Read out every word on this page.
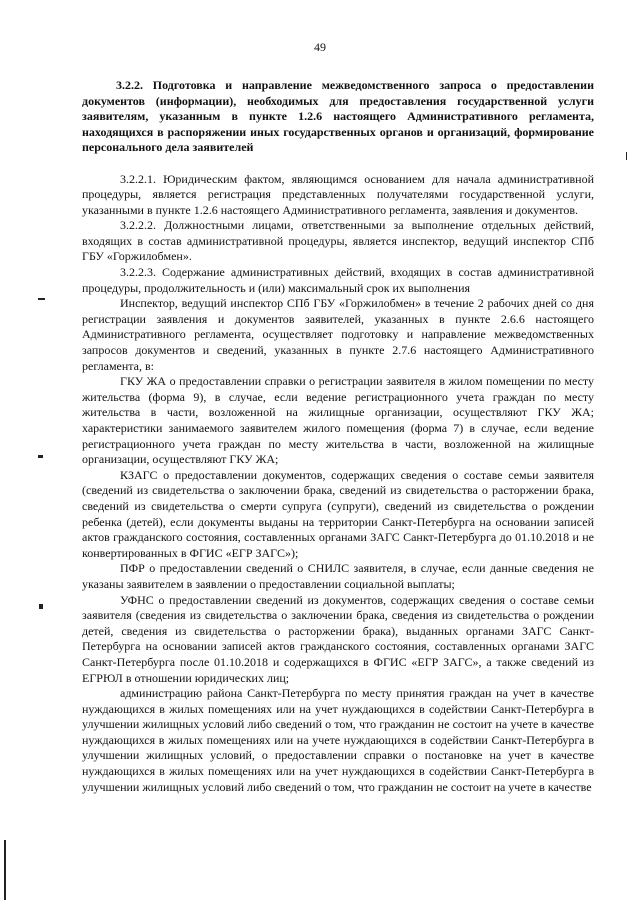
49
3.2.2. Подготовка и направление межведомственного запроса о предоставлении документов (информации), необходимых для предоставления государственной услуги заявителям, указанным в пункте 1.2.6 настоящего Административного регламента, находящихся в распоряжении иных государственных органов и организаций, формирование персонального дела заявителей

3.2.2.1. Юридическим фактом, являющимся основанием для начала административной процедуры, является регистрация представленных получателями государственной услуги, указанными в пункте 1.2.6 настоящего Административного регламента, заявления и документов.

3.2.2.2. Должностными лицами, ответственными за выполнение отдельных действий, входящих в состав административной процедуры, является инспектор, ведущий инспектор СПб ГБУ «Горжилобмен».

3.2.2.3. Содержание административных действий, входящих в состав административной процедуры, продолжительность и (или) максимальный срок их выполнения

Инспектор, ведущий инспектор СПб ГБУ «Горжилобмен» в течение 2 рабочих дней со дня регистрации заявления и документов заявителей, указанных в пункте 2.6.6 настоящего Административного регламента, осуществляет подготовку и направление межведомственных запросов документов и сведений, указанных в пункте 2.7.6 настоящего Административного регламента, в:

ГКУ ЖА о предоставлении справки о регистрации заявителя в жилом помещении по месту жительства (форма 9), в случае, если ведение регистрационного учета граждан по месту жительства в части, возложенной на жилищные организации, осуществляют ГКУ ЖА; характеристики занимаемого заявителем жилого помещения (форма 7) в случае, если ведение регистрационного учета граждан по месту жительства в части, возложенной на жилищные организации, осуществляют ГКУ ЖА;

КЗАГС о предоставлении документов, содержащих сведения о составе семьи заявителя (сведений из свидетельства о заключении брака, сведений из свидетельства о расторжении брака, сведений из свидетельства о смерти супруга (супруги), сведений из свидетельства о рождении ребенка (детей), если документы выданы на территории Санкт-Петербурга на основании записей актов гражданского состояния, составленных органами ЗАГС Санкт-Петербурга до 01.10.2018 и не конвертированных в ФГИС «ЕГР ЗАГС»);

ПФР о предоставлении сведений о СНИЛС заявителя, в случае, если данные сведения не указаны заявителем в заявлении о предоставлении социальной выплаты;

УФНС о предоставлении сведений из документов, содержащих сведения о составе семьи заявителя (сведения из свидетельства о заключении брака, сведения из свидетельства о рождении детей, сведения из свидетельства о расторжении брака), выданных органами ЗАГС Санкт-Петербурга на основании записей актов гражданского состояния, составленных органами ЗАГС Санкт-Петербурга после 01.10.2018 и содержащихся в ФГИС «ЕГР ЗАГС», а также сведений из ЕГРЮЛ в отношении юридических лиц;

администрацию района Санкт-Петербурга по месту принятия граждан на учет в качестве нуждающихся в жилых помещениях или на учет нуждающихся в содействии Санкт-Петербурга в улучшении жилищных условий либо сведений о том, что гражданин не состоит на учете в качестве нуждающихся в жилых помещениях или на учете нуждающихся в содействии Санкт-Петербурга в улучшении жилищных условий, о предоставлении справки о постановке на учет в качестве нуждающихся в жилых помещениях или на учет нуждающихся в содействии Санкт-Петербурга в улучшении жилищных условий либо сведений о том, что гражданин не состоит на учете в качестве
